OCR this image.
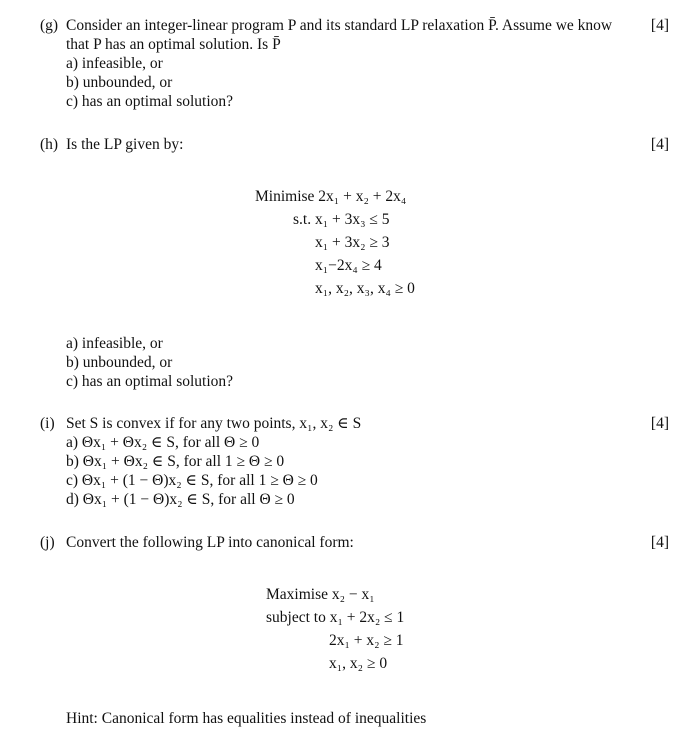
(g) Consider an integer-linear program P and its standard LP relaxation P̄. Assume we know	[4]
that P has an optimal solution. Is P̄
a) infeasible, or
b) unbounded, or
c) has an optimal solution?
(h) Is the LP given by:	[4]
Minimise 2x₁ + x₂ + 2x₄
s.t. x₁ + 3x₃ ≤ 5
x₁ + 3x₂ ≥ 3
x₁−2x₄ ≥ 4
x₁, x₂, x₃, x₄ ≥ 0
a) infeasible, or
b) unbounded, or
c) has an optimal solution?
(i) Set S is convex if for any two points, x₁, x₂ ∈ S	[4]
a) Θx₁ + Θx₂ ∈ S, for all Θ ≥ 0
b) Θx₁ + Θx₂ ∈ S, for all 1 ≥ Θ ≥ 0
c) Θx₁ + (1 − Θ)x₂ ∈ S, for all 1 ≥ Θ ≥ 0
d) Θx₁ + (1 − Θ)x₂ ∈ S, for all Θ ≥ 0
(j) Convert the following LP into canonical form:	[4]
Maximise x₂ − x₁
subject to x₁ + 2x₂ ≤ 1
2x₁ + x₂ ≥ 1
x₁, x₂ ≥ 0
Hint: Canonical form has equalities instead of inequalities
